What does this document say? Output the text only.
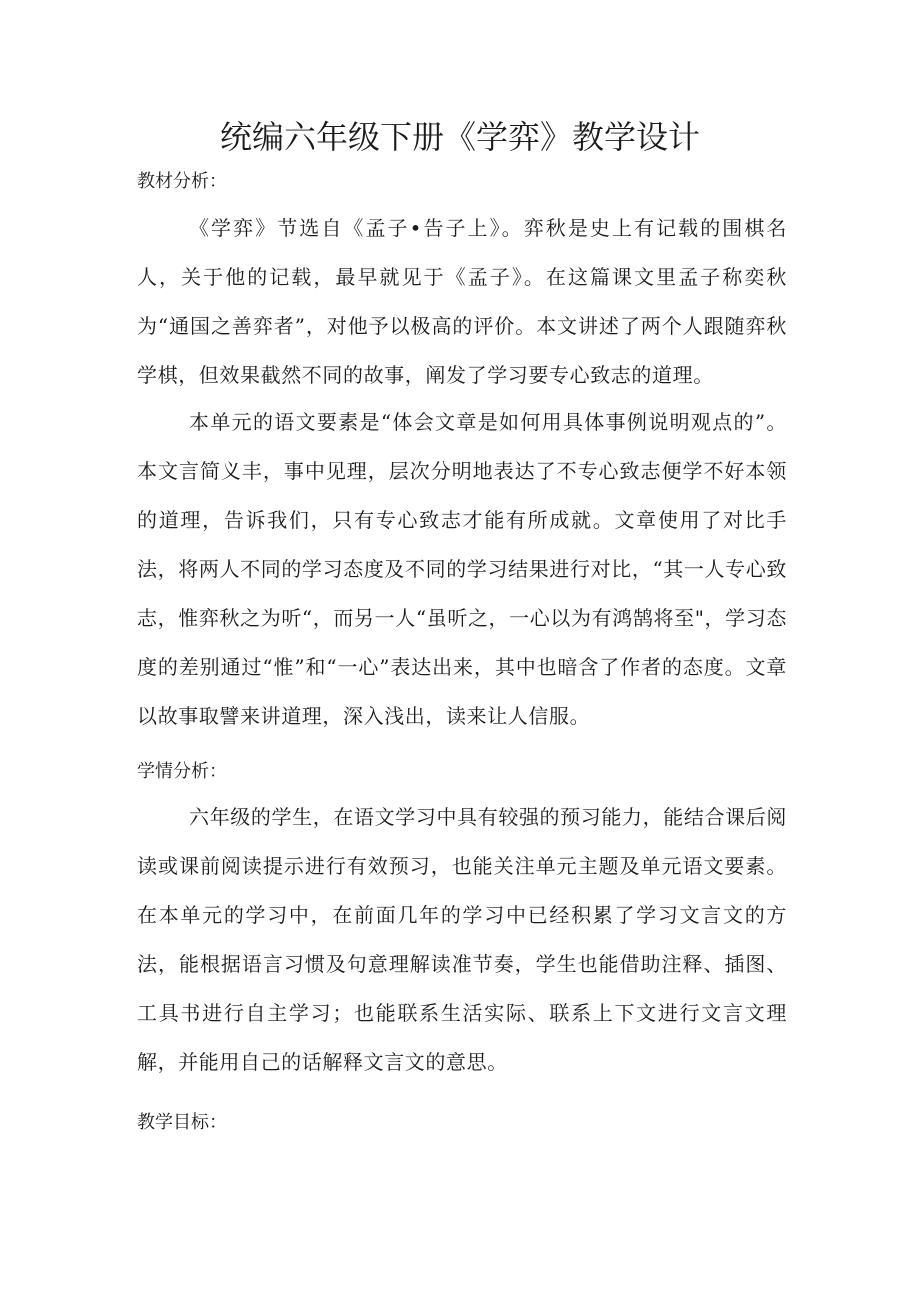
统编六年级下册《学弈》教学设计

教材分析：

《学弈》节选自《孟子•告子上》。弈秋是史上有记载的围棋名人，关于他的记载，最早就见于《孟子》。在这篇课文里孟子称奕秋为“通国之善弈者”，对他予以极高的评价。本文讲述了两个人跟随弈秋学棋，但效果截然不同的故事，阐发了学习要专心致志的道理。

本单元的语文要素是“体会文章是如何用具体事例说明观点的”。本文言简义丰，事中见理，层次分明地表达了不专心致志便学不好本领的道理，告诉我们，只有专心致志才能有所成就。文章使用了对比手法，将两人不同的学习态度及不同的学习结果进行对比，“其一人专心致志，惟弈秋之为听“，而另一人“虽听之，一心以为有鸿鹄将至"，学习态度的差别通过“惟”和“一心”表达出来，其中也暗含了作者的态度。文章以故事取譬来讲道理，深入浅出，读来让人信服。

学情分析：

六年级的学生，在语文学习中具有较强的预习能力，能结合课后阅读或课前阅读提示进行有效预习，也能关注单元主题及单元语文要素。在本单元的学习中，在前面几年的学习中已经积累了学习文言文的方法，能根据语言习惯及句意理解读准节奏，学生也能借助注释、插图、工具书进行自主学习；也能联系生活实际、联系上下文进行文言文理解，并能用自己的话解释文言文的意思。

教学目标：
